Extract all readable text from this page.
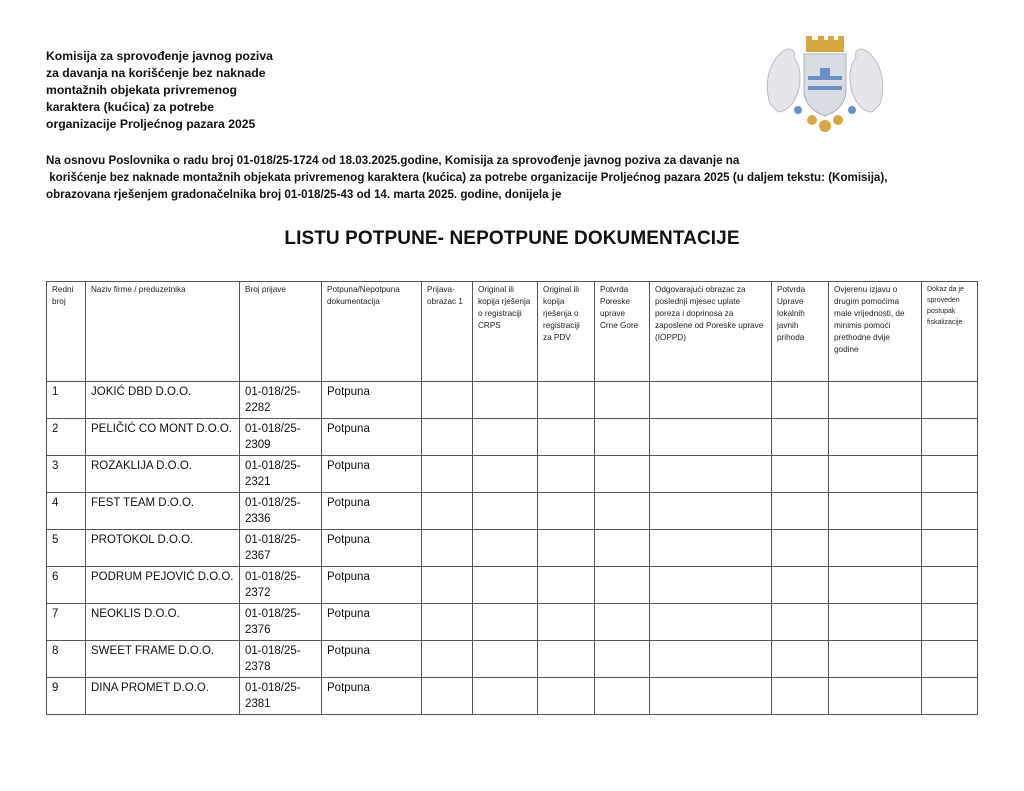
Komisija za sprovođenje javnog poziva
za davanja na korišćenje bez naknade
montažnih objekata privremenog
karaktera (kućica) za potrebe
organizacije Proljećnog pazara 2025
Na osnovu Poslovnika o radu broj 01-018/25-1724 od 18.03.2025.godine, Komisija za sprovođenje javnog poziva za davanje na
korišćenje bez naknade montažnih objekata privremenog karaktera (kućica) za potrebe organizacije Proljećnog pazara 2025 (u daljem tekstu: (Komisija),
obrazovana rješenjem gradonačelnika broj 01-018/25-43 od 14. marta 2025. godine, donijela je
LISTU POTPUNE- NEPOTPUNE DOKUMENTACIJE
Redni broj	Naziv firme / preduzetnika	Broj prijave	Potpuna/Nepotpuna dokumentacija	Prijava-obrazac 1	Original ili kopija rješenja o registraciji CRPS	Original ili kopija rješenja o registraciji za PDV	Potvrda Poreske uprave Crne Gore	Odgovarajući obrazac za poslednji mjesec uplate poreza i doprinosa za zaposlene od Poreske uprave (IOPPD)	Potvrda Uprave lokalnih javnih prihoda	Ovjerenu izjavu o drugim pomoćima male vrijednosti, de minimis pomoći prethodne dvije godine	Dokaz da je sproveden postupak fiskalizacije
1	JOKIĆ DBD D.O.O.	01-018/25-2282	Potpuna								
2	PELIČIĆ CO MONT D.O.O.	01-018/25-2309	Potpuna								
3	ROZAKLIJA D.O.O.	01-018/25-2321	Potpuna								
4	FEST TEAM D.O.O.	01-018/25-2336	Potpuna								
5	PROTOKOL D.O.O.	01-018/25-2367	Potpuna								
6	PODRUM PEJOVIĆ D.O.O.	01-018/25-2372	Potpuna								
7	NEOKLIS D.O.O.	01-018/25-2376	Potpuna								
8	SWEET FRAME D.O.O.	01-018/25-2378	Potpuna								
9	DINA PROMET D.O.O.	01-018/25-2381	Potpuna								
